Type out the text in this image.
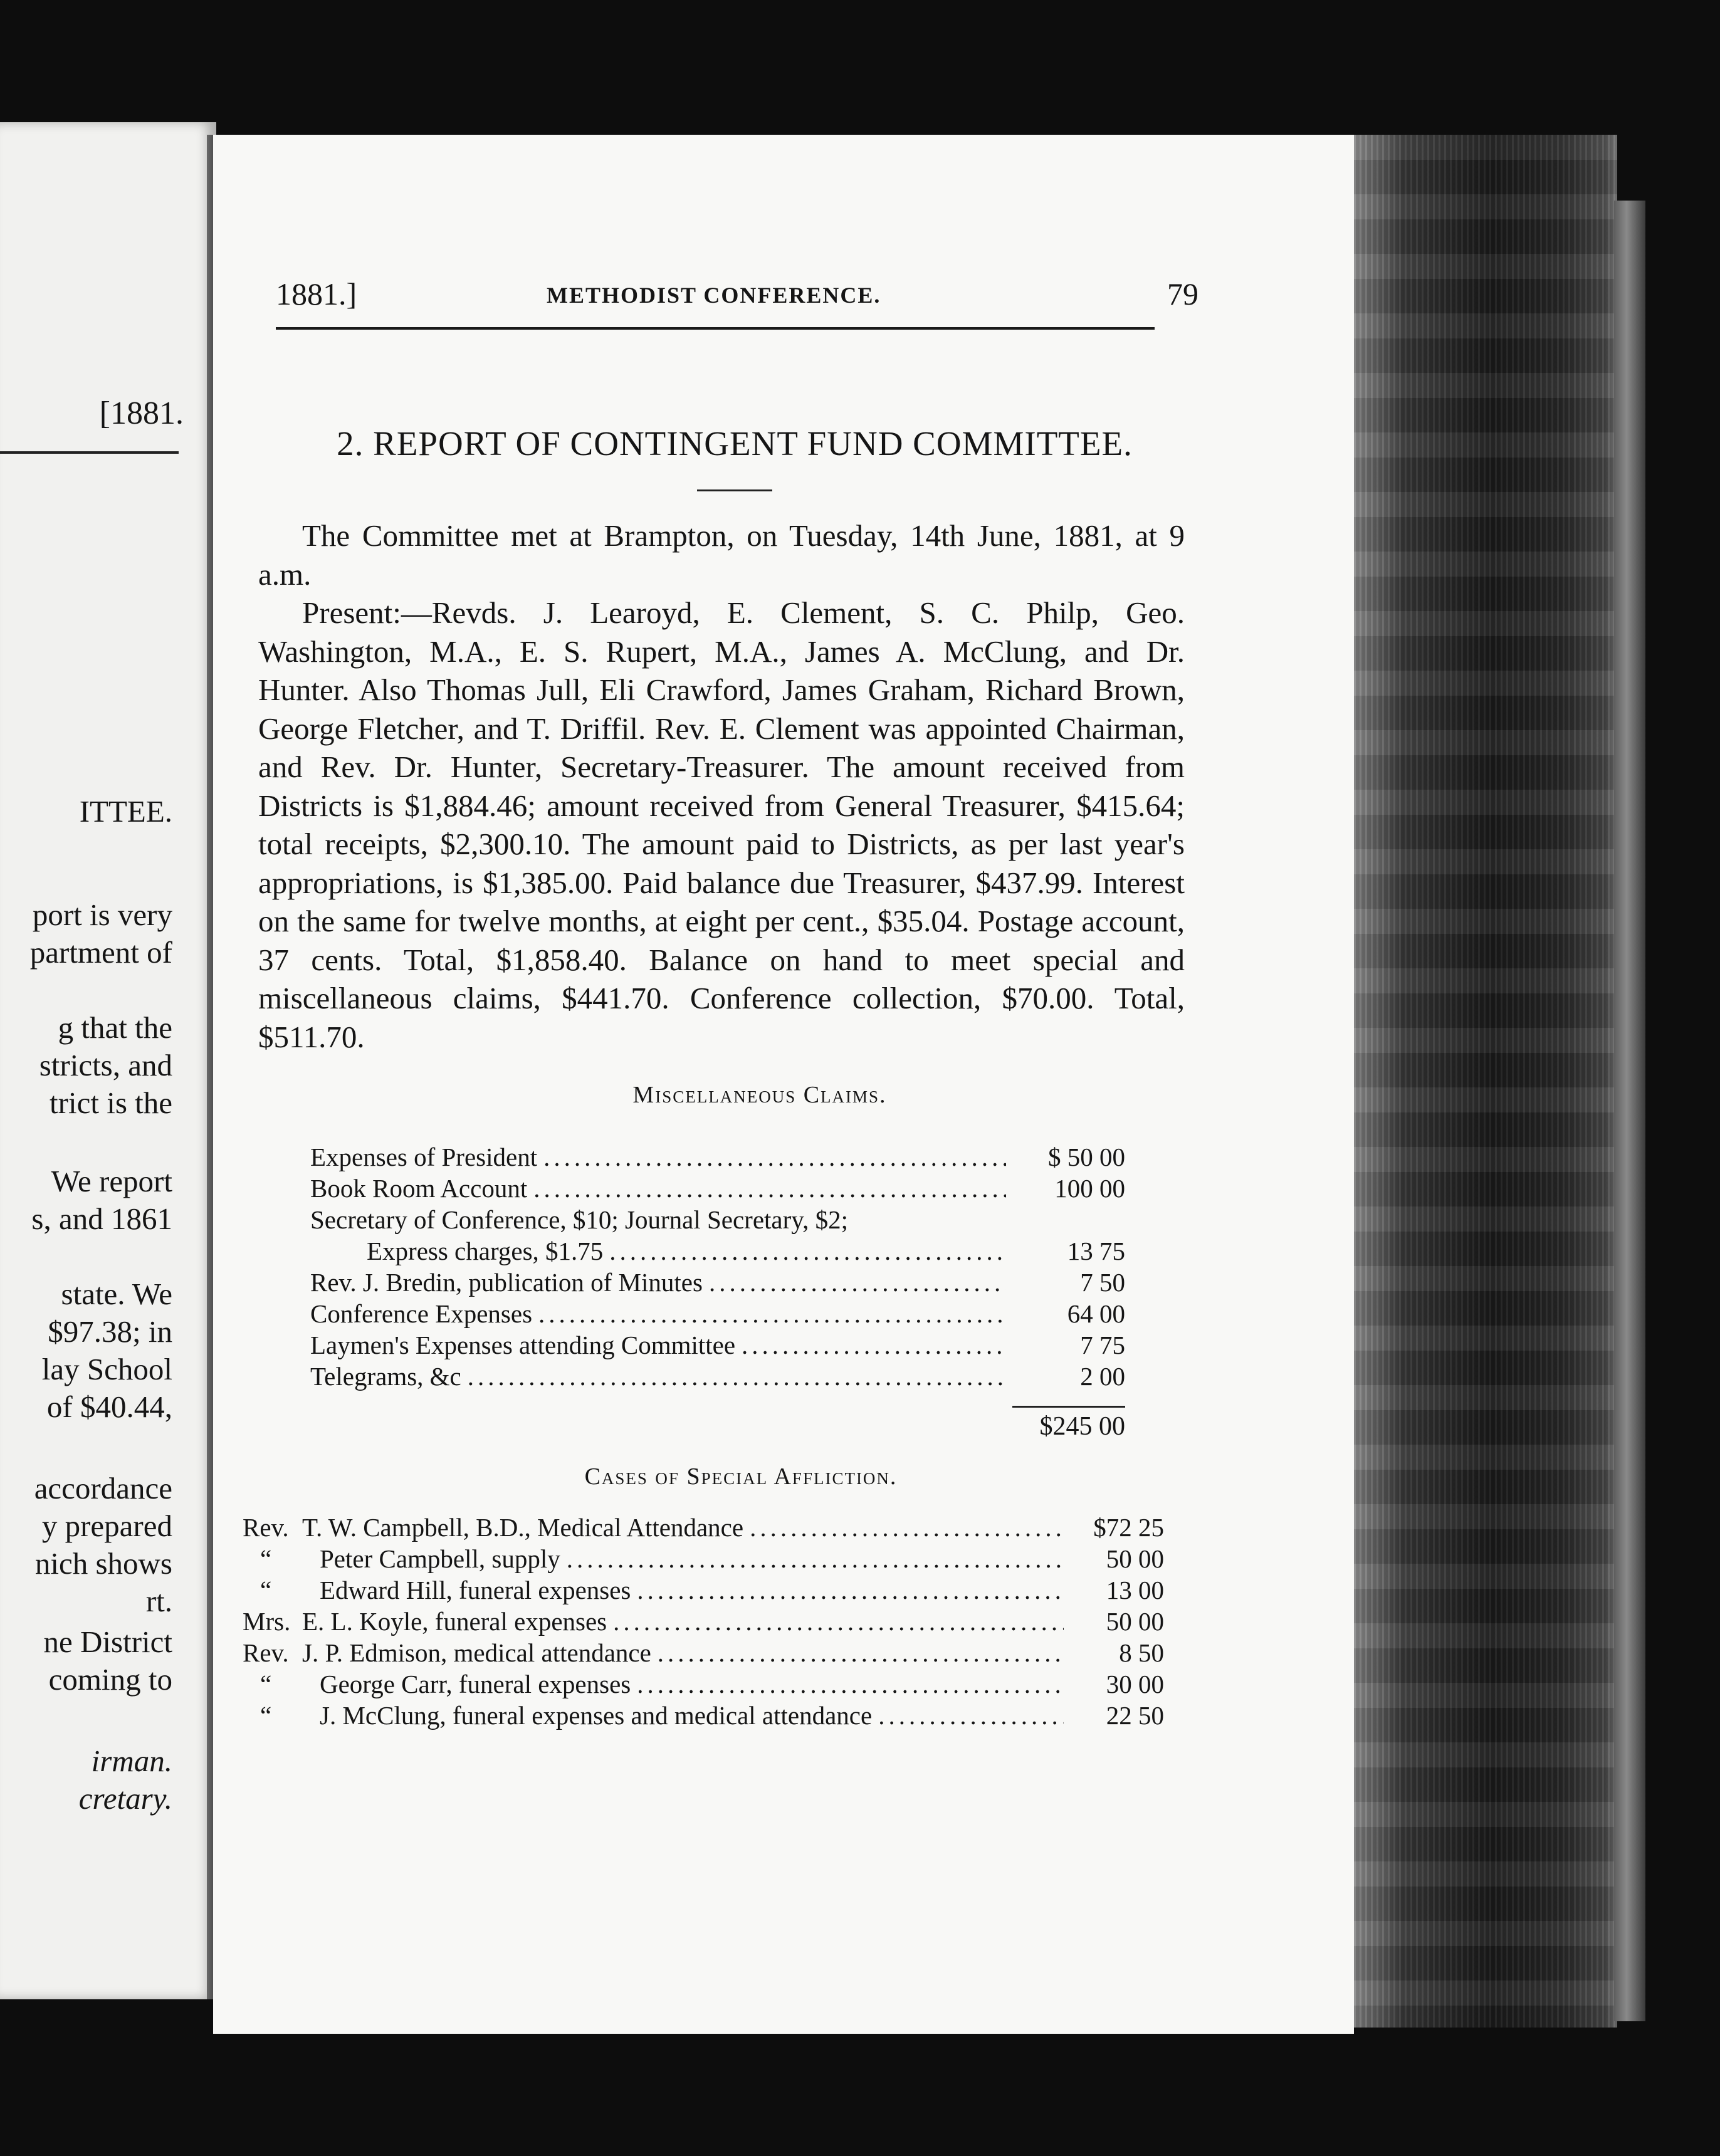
[1881.
ITTEE.
port is very
partment of
g that the
stricts, and
trict is the
We report
s, and 1861
state. We
$97.38; in
lay School
of $40.44,
accordance
y prepared
nich shows
rt.
ne District
coming to
irman.
cretary.
1881.]	METHODIST CONFERENCE.	79
2. REPORT OF CONTINGENT FUND COMMITTEE.

The Committee met at Brampton, on Tuesday, 14th June, 1881, at 9 a.m.

Present:—Revds. J. Learoyd, E. Clement, S. C. Philp, Geo. Washington, M.A., E. S. Rupert, M.A., James A. McClung, and Dr. Hunter. Also Thomas Jull, Eli Crawford, James Graham, Richard Brown, George Fletcher, and T. Driffil. Rev. E. Clement was appointed Chairman, and Rev. Dr. Hunter, Secretary-Treasurer. The amount received from Districts is $1,884.46; amount received from General Treasurer, $415.64; total receipts, $2,300.10. The amount paid to Districts, as per last year's appropriations, is $1,385.00. Paid balance due Treasurer, $437.99. Interest on the same for twelve months, at eight per cent., $35.04. Postage account, 37 cents. Total, $1,858.40. Balance on hand to meet special and miscellaneous claims, $441.70. Conference collection, $70.00. Total, $511.70.

Miscellaneous Claims.
Expenses of President .....	$ 50 00
Book Room Account .....	100 00
Secretary of Conference, $10; Journal Secretary, $2;
Express charges, $1.75 .....	13 75
Rev. J. Bredin, publication of Minutes .....	7 50
Conference Expenses .....	64 00
Laymen's Expenses attending Committee .....	7 75
Telegrams, &c .....	2 00
$245 00
Cases of Special Affliction.
Rev. T. W. Campbell, B.D., Medical Attendance .....	$72 25
“	Peter Campbell, supply .....	50 00
“	Edward Hill, funeral expenses .....	13 00
Mrs. E. L. Koyle, funeral expenses .....	50 00
Rev. J. P. Edmison, medical attendance .....	8 50
“	George Carr, funeral expenses .....	30 00
“	J. McClung, funeral expenses and medical attendance .....	22 50
